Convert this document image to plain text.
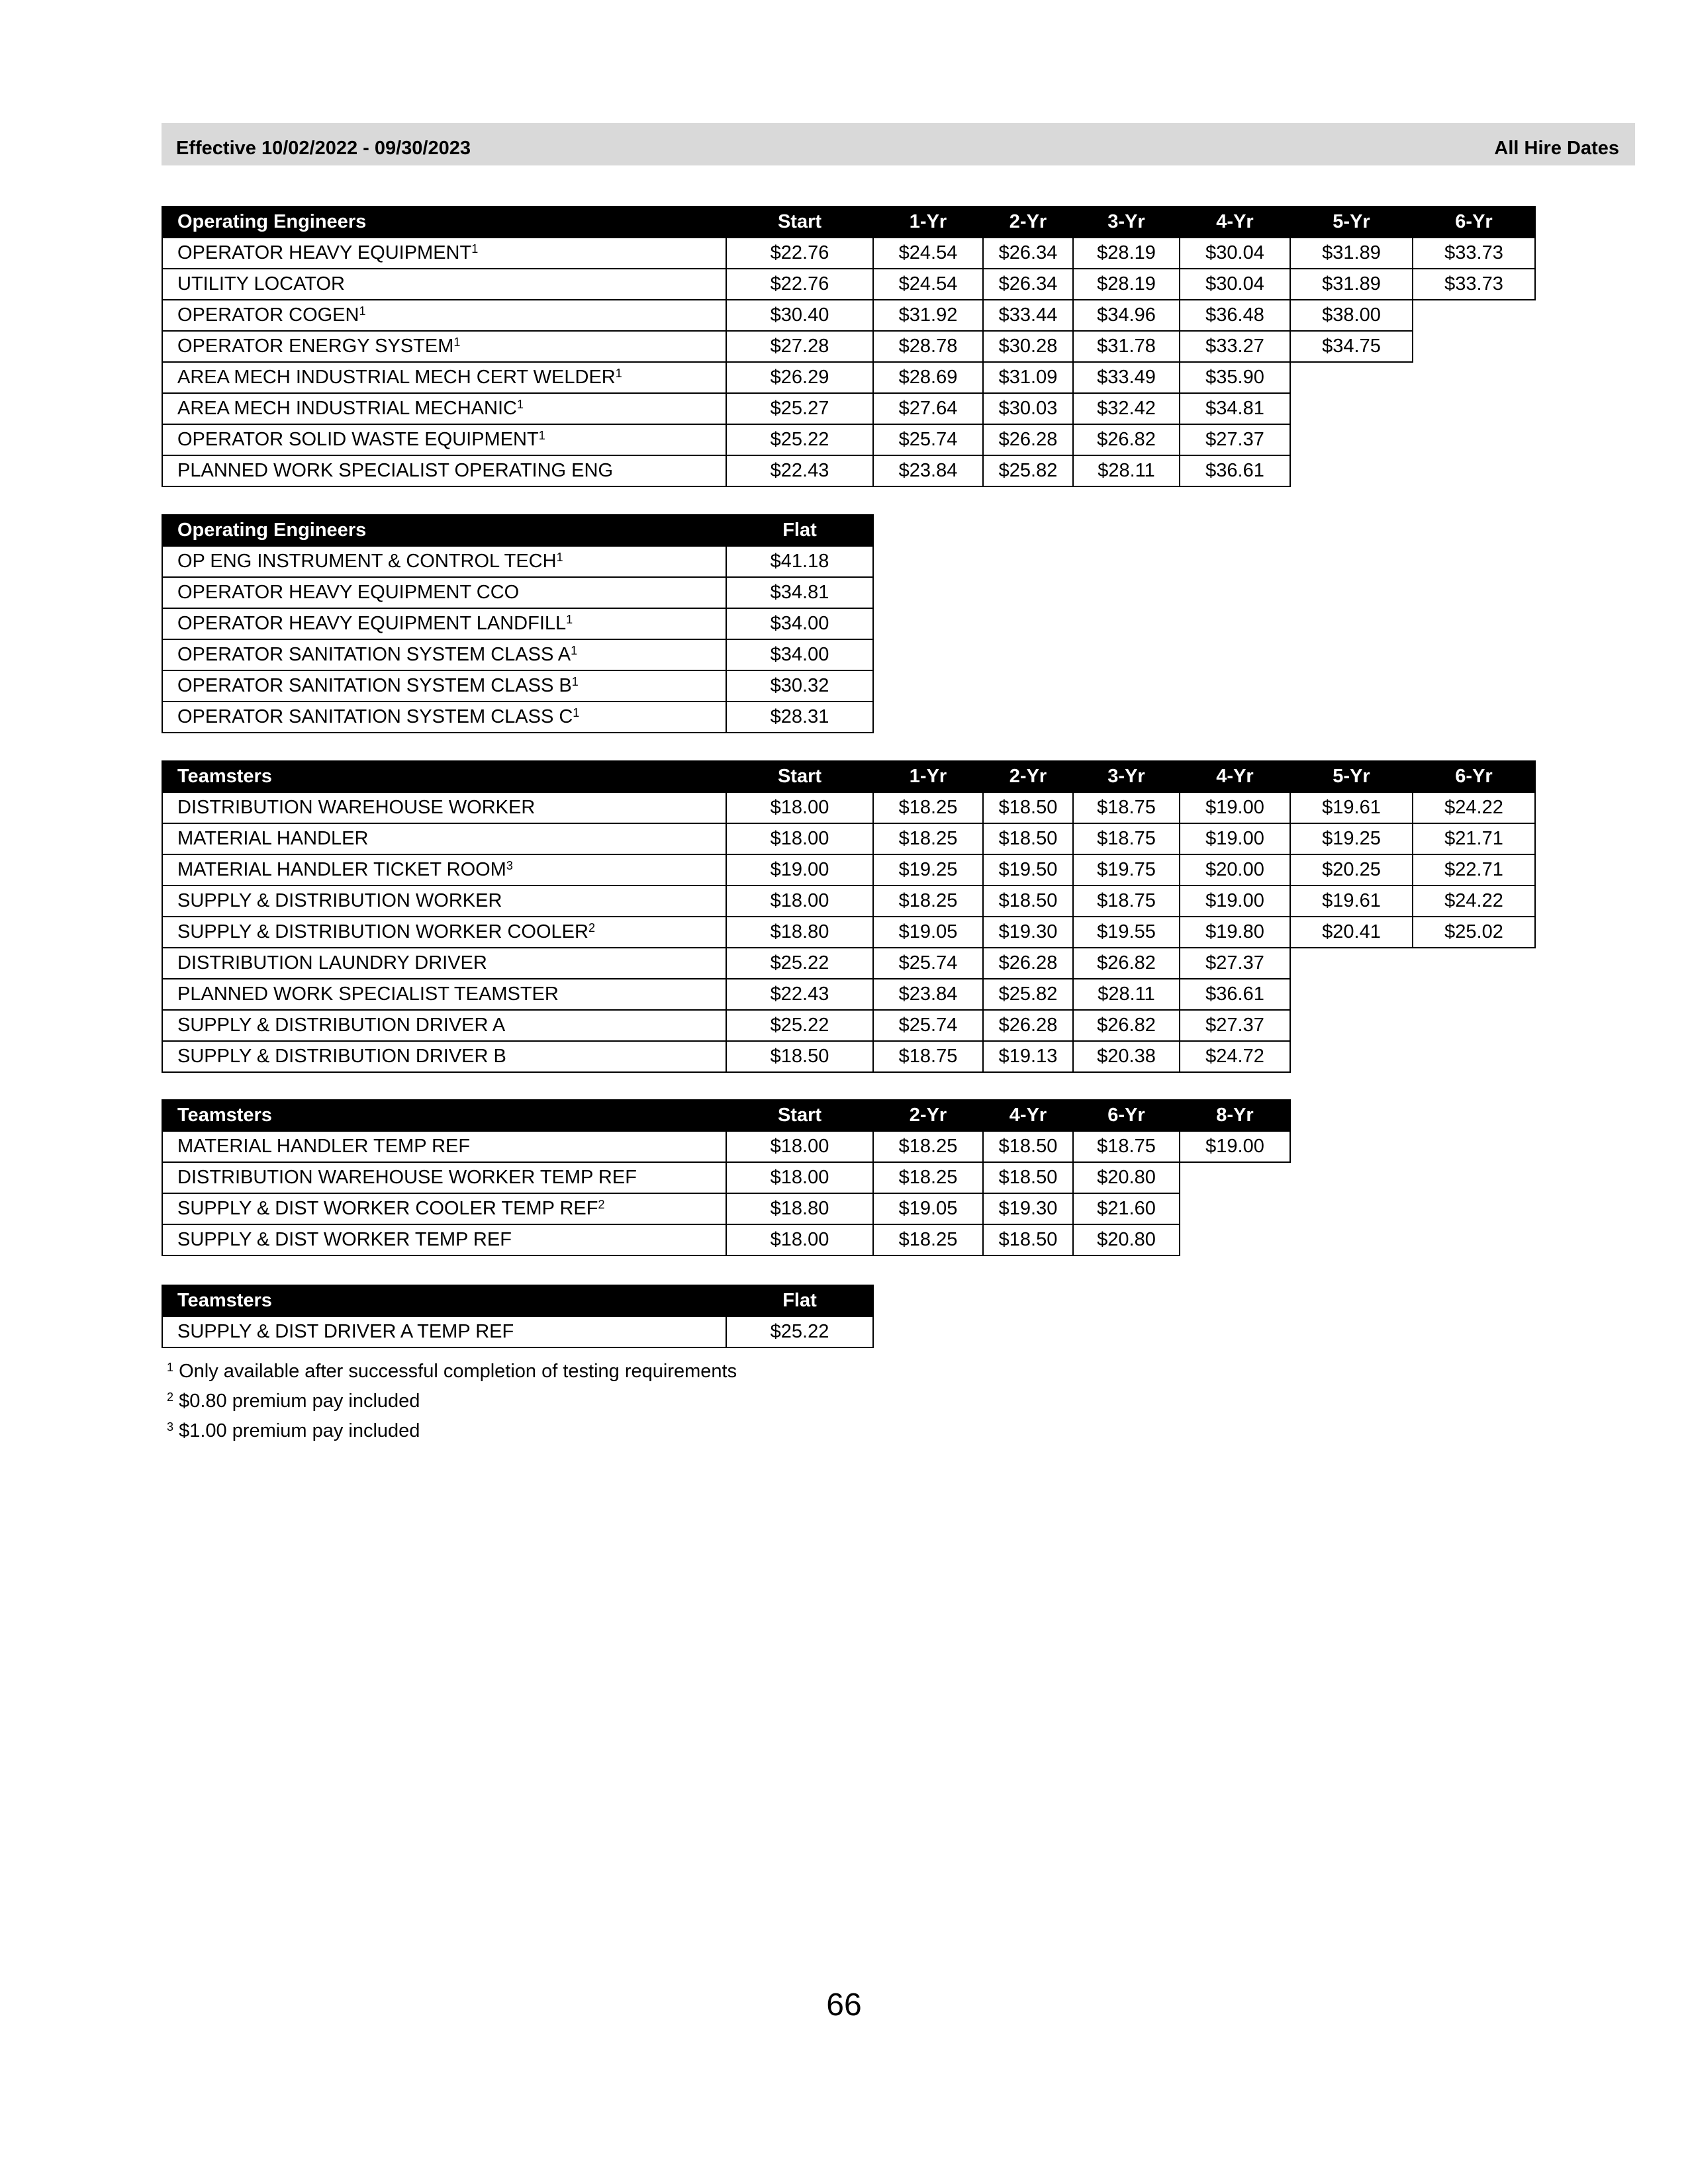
Effective 10/02/2022 - 09/30/2023	All Hire Dates
Operating Engineers	Start	1-Yr	2-Yr	3-Yr	4-Yr	5-Yr	6-Yr
OPERATOR HEAVY EQUIPMENT$^1$	$22.76	$24.54	$26.34	$28.19	$30.04	$31.89	$33.73
UTILITY LOCATOR	$22.76	$24.54	$26.34	$28.19	$30.04	$31.89	$33.73
OPERATOR COGEN$^1$	$30.40	$31.92	$33.44	$34.96	$36.48	$38.00	
OPERATOR ENERGY SYSTEM$^1$	$27.28	$28.78	$30.28	$31.78	$33.27	$34.75	
AREA MECH INDUSTRIAL MECH CERT WELDER$^1$	$26.29	$28.69	$31.09	$33.49	$35.90		
AREA MECH INDUSTRIAL MECHANIC$^1$	$25.27	$27.64	$30.03	$32.42	$34.81		
OPERATOR SOLID WASTE EQUIPMENT$^1$	$25.22	$25.74	$26.28	$26.82	$27.37		
PLANNED WORK SPECIALIST OPERATING ENG	$22.43	$23.84	$25.82	$28.11	$36.61		
Operating Engineers	Flat
OP ENG INSTRUMENT & CONTROL TECH$^1$	$41.18
OPERATOR HEAVY EQUIPMENT CCO	$34.81
OPERATOR HEAVY EQUIPMENT LANDFILL$^1$	$34.00
OPERATOR SANITATION SYSTEM CLASS $A^1$	$34.00
OPERATOR SANITATION SYSTEM CLASS $B^1$	$30.32
OPERATOR SANITATION SYSTEM CLASS $C^1$	$28.31
Teamsters	Start	1-Yr	2-Yr	3-Yr	4-Yr	5-Yr	6-Yr
DISTRIBUTION WAREHOUSE WORKER	$18.00	$18.25	$18.50	$18.75	$19.00	$19.61	$24.22
MATERIAL HANDLER	$18.00	$18.25	$18.50	$18.75	$19.00	$19.25	$21.71
MATERIAL HANDLER TICKET ROOM$^3$	$19.00	$19.25	$19.50	$19.75	$20.00	$20.25	$22.71
SUPPLY & DISTRIBUTION WORKER	$18.00	$18.25	$18.50	$18.75	$19.00	$19.61	$24.22
SUPPLY & DISTRIBUTION WORKER COOLER$^2$	$18.80	$19.05	$19.30	$19.55	$19.80	$20.41	$25.02
DISTRIBUTION LAUNDRY DRIVER	$25.22	$25.74	$26.28	$26.82	$27.37		
PLANNED WORK SPECIALIST TEAMSTER	$22.43	$23.84	$25.82	$28.11	$36.61		
SUPPLY & DISTRIBUTION DRIVER A	$25.22	$25.74	$26.28	$26.82	$27.37		
SUPPLY & DISTRIBUTION DRIVER B	$18.50	$18.75	$19.13	$20.38	$24.72		
Teamsters	Start	2-Yr	4-Yr	6-Yr	8-Yr
MATERIAL HANDLER TEMP REF	$18.00	$18.25	$18.50	$18.75	$19.00
DISTRIBUTION WAREHOUSE WORKER TEMP REF	$18.00	$18.25	$18.50	$20.80	
SUPPLY & DIST WORKER COOLER TEMP REF$^2$	$18.80	$19.05	$19.30	$21.60	
SUPPLY & DIST WORKER TEMP REF	$18.00	$18.25	$18.50	$20.80	
Teamsters	Flat
SUPPLY & DIST DRIVER A TEMP REF	$25.22
$^1$ Only available after successful completion of testing requirements
$^2$ $0.80 premium pay included
$^3$ $1.00 premium pay included
66
